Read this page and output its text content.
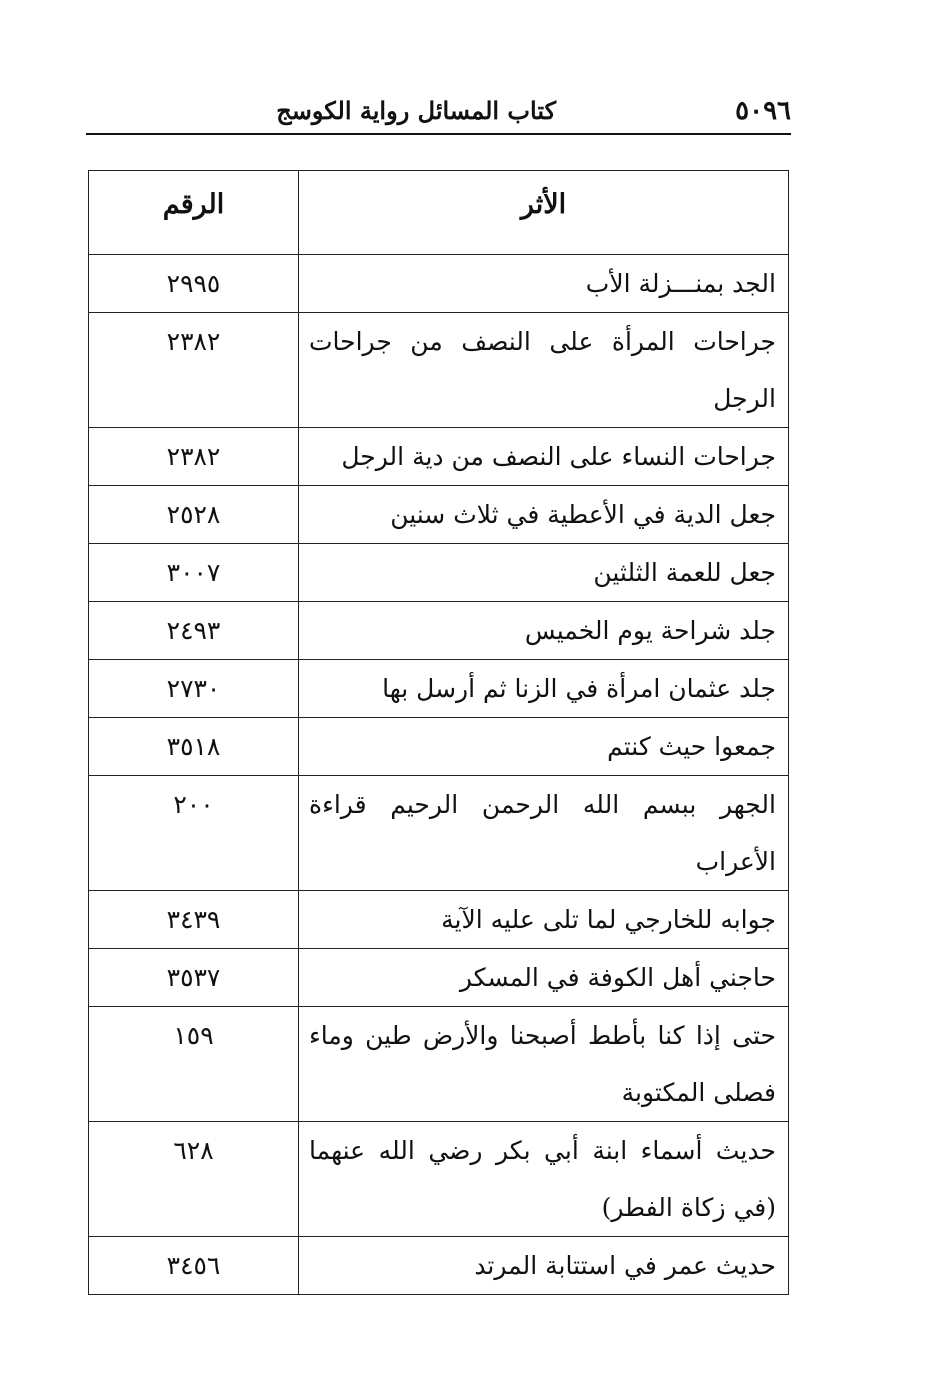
٥٠٩٦
كتاب المسائل رواية الكوسج
الأثر	الرقم
الجد بمنـــزلة الأب	٢٩٩٥
جراحات المرأة على النصف من جراحات الرجل	٢٣٨٢
جراحات النساء على النصف من دية الرجل	٢٣٨٢
جعل الدية في الأعطية في ثلاث سنين	٢٥٢٨
جعل للعمة الثلثين	٣٠٠٧
جلد شراحة يوم الخميس	٢٤٩٣
جلد عثمان امرأة في الزنا ثم أرسل بها	٢٧٣٠
جمعوا حيث كنتم	٣٥١٨
الجهر ببسم الله الرحمن الرحيم قراءة الأعراب	٢٠٠
جوابه للخارجي لما تلى عليه الآية	٣٤٣٩
حاجني أهل الكوفة في المسكر	٣٥٣٧
حتى إذا كنا بأطط أصبحنا والأرض طين وماء فصلى المكتوبة	١٥٩
حديث أسماء ابنة أبي بكر رضي الله عنهما (في زكاة الفطر)	٦٢٨
حديث عمر في استتابة المرتد	٣٤٥٦
